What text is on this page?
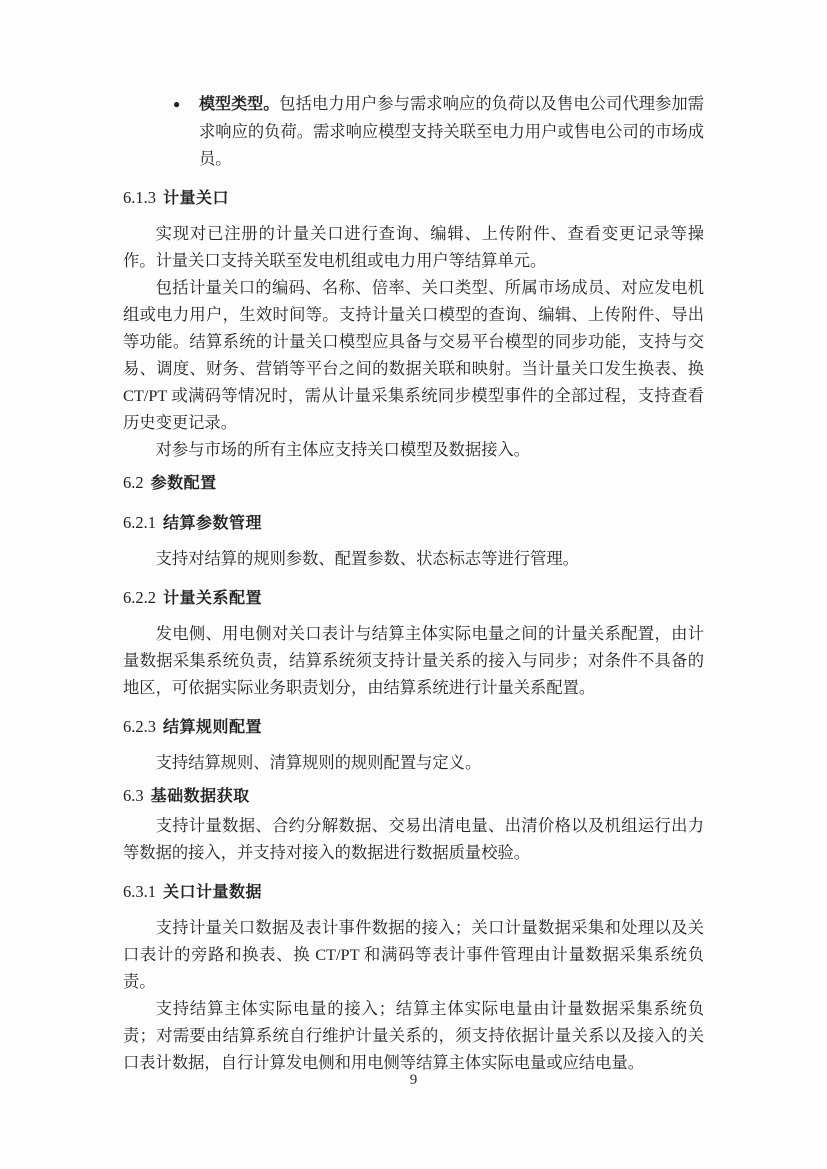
● 模型类型。包括电力用户参与需求响应的负荷以及售电公司代理参加需求响应的负荷。需求响应模型支持关联至电力用户或售电公司的市场成员。
6.1.3 计量关口

实现对已注册的计量关口进行查询、编辑、上传附件、查看变更记录等操作。计量关口支持关联至发电机组或电力用户等结算单元。

包括计量关口的编码、名称、倍率、关口类型、所属市场成员、对应发电机组或电力用户，生效时间等。支持计量关口模型的查询、编辑、上传附件、导出等功能。结算系统的计量关口模型应具备与交易平台模型的同步功能，支持与交易、调度、财务、营销等平台之间的数据关联和映射。当计量关口发生换表、换 CT/PT 或满码等情况时，需从计量采集系统同步模型事件的全部过程，支持查看历史变更记录。

对参与市场的所有主体应支持关口模型及数据接入。

6.2 参数配置
6.2.1 结算参数管理

支持对结算的规则参数、配置参数、状态标志等进行管理。

6.2.2 计量关系配置

发电侧、用电侧对关口表计与结算主体实际电量之间的计量关系配置，由计量数据采集系统负责，结算系统须支持计量关系的接入与同步；对条件不具备的地区，可依据实际业务职责划分，由结算系统进行计量关系配置。

6.2.3 结算规则配置

支持结算规则、清算规则的规则配置与定义。

6.3 基础数据获取

支持计量数据、合约分解数据、交易出清电量、出清价格以及机组运行出力等数据的接入，并支持对接入的数据进行数据质量校验。

6.3.1 关口计量数据

支持计量关口数据及表计事件数据的接入；关口计量数据采集和处理以及关口表计的旁路和换表、换 CT/PT 和满码等表计事件管理由计量数据采集系统负责。

支持结算主体实际电量的接入；结算主体实际电量由计量数据采集系统负责；对需要由结算系统自行维护计量关系的，须支持依据计量关系以及接入的关口表计数据，自行计算发电侧和用电侧等结算主体实际电量或应结电量。

9
